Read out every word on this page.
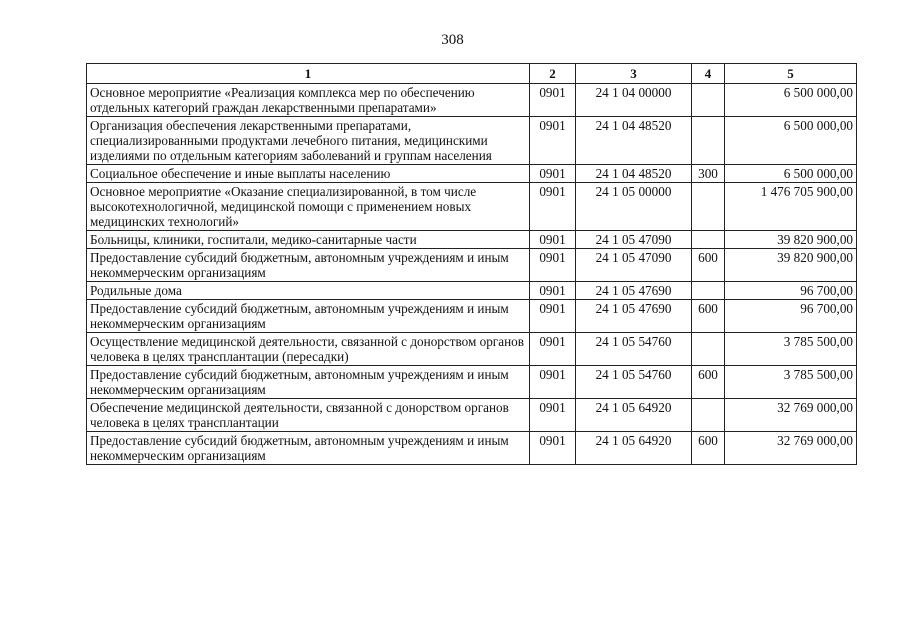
308
1	2	3	4	5
Основное мероприятие «Реализация комплекса мер по обеспечению отдельных категорий граждан лекарственными препаратами»	0901	24 1 04 00000		6 500 000,00
Организация обеспечения лекарственными препаратами, специализированными продуктами лечебного питания, медицинскими изделиями по отдельным категориям заболеваний и группам населения	0901	24 1 04 48520		6 500 000,00
Социальное обеспечение и иные выплаты населению	0901	24 1 04 48520	300	6 500 000,00
Основное мероприятие «Оказание специализированной, в том числе высокотехнологичной, медицинской помощи с применением новых медицинских технологий»	0901	24 1 05 00000		1 476 705 900,00
Больницы, клиники, госпитали, медико-санитарные части	0901	24 1 05 47090		39 820 900,00
Предоставление субсидий бюджетным, автономным учреждениям и иным некоммерческим организациям	0901	24 1 05 47090	600	39 820 900,00
Родильные дома	0901	24 1 05 47690		96 700,00
Предоставление субсидий бюджетным, автономным учреждениям и иным некоммерческим организациям	0901	24 1 05 47690	600	96 700,00
Осуществление медицинской деятельности, связанной с донорством органов человека в целях трансплантации (пересадки)	0901	24 1 05 54760		3 785 500,00
Предоставление субсидий бюджетным, автономным учреждениям и иным некоммерческим организациям	0901	24 1 05 54760	600	3 785 500,00
Обеспечение медицинской деятельности, связанной с донорством органов человека в целях трансплантации	0901	24 1 05 64920		32 769 000,00
Предоставление субсидий бюджетным, автономным учреждениям и иным некоммерческим организациям	0901	24 1 05 64920	600	32 769 000,00
